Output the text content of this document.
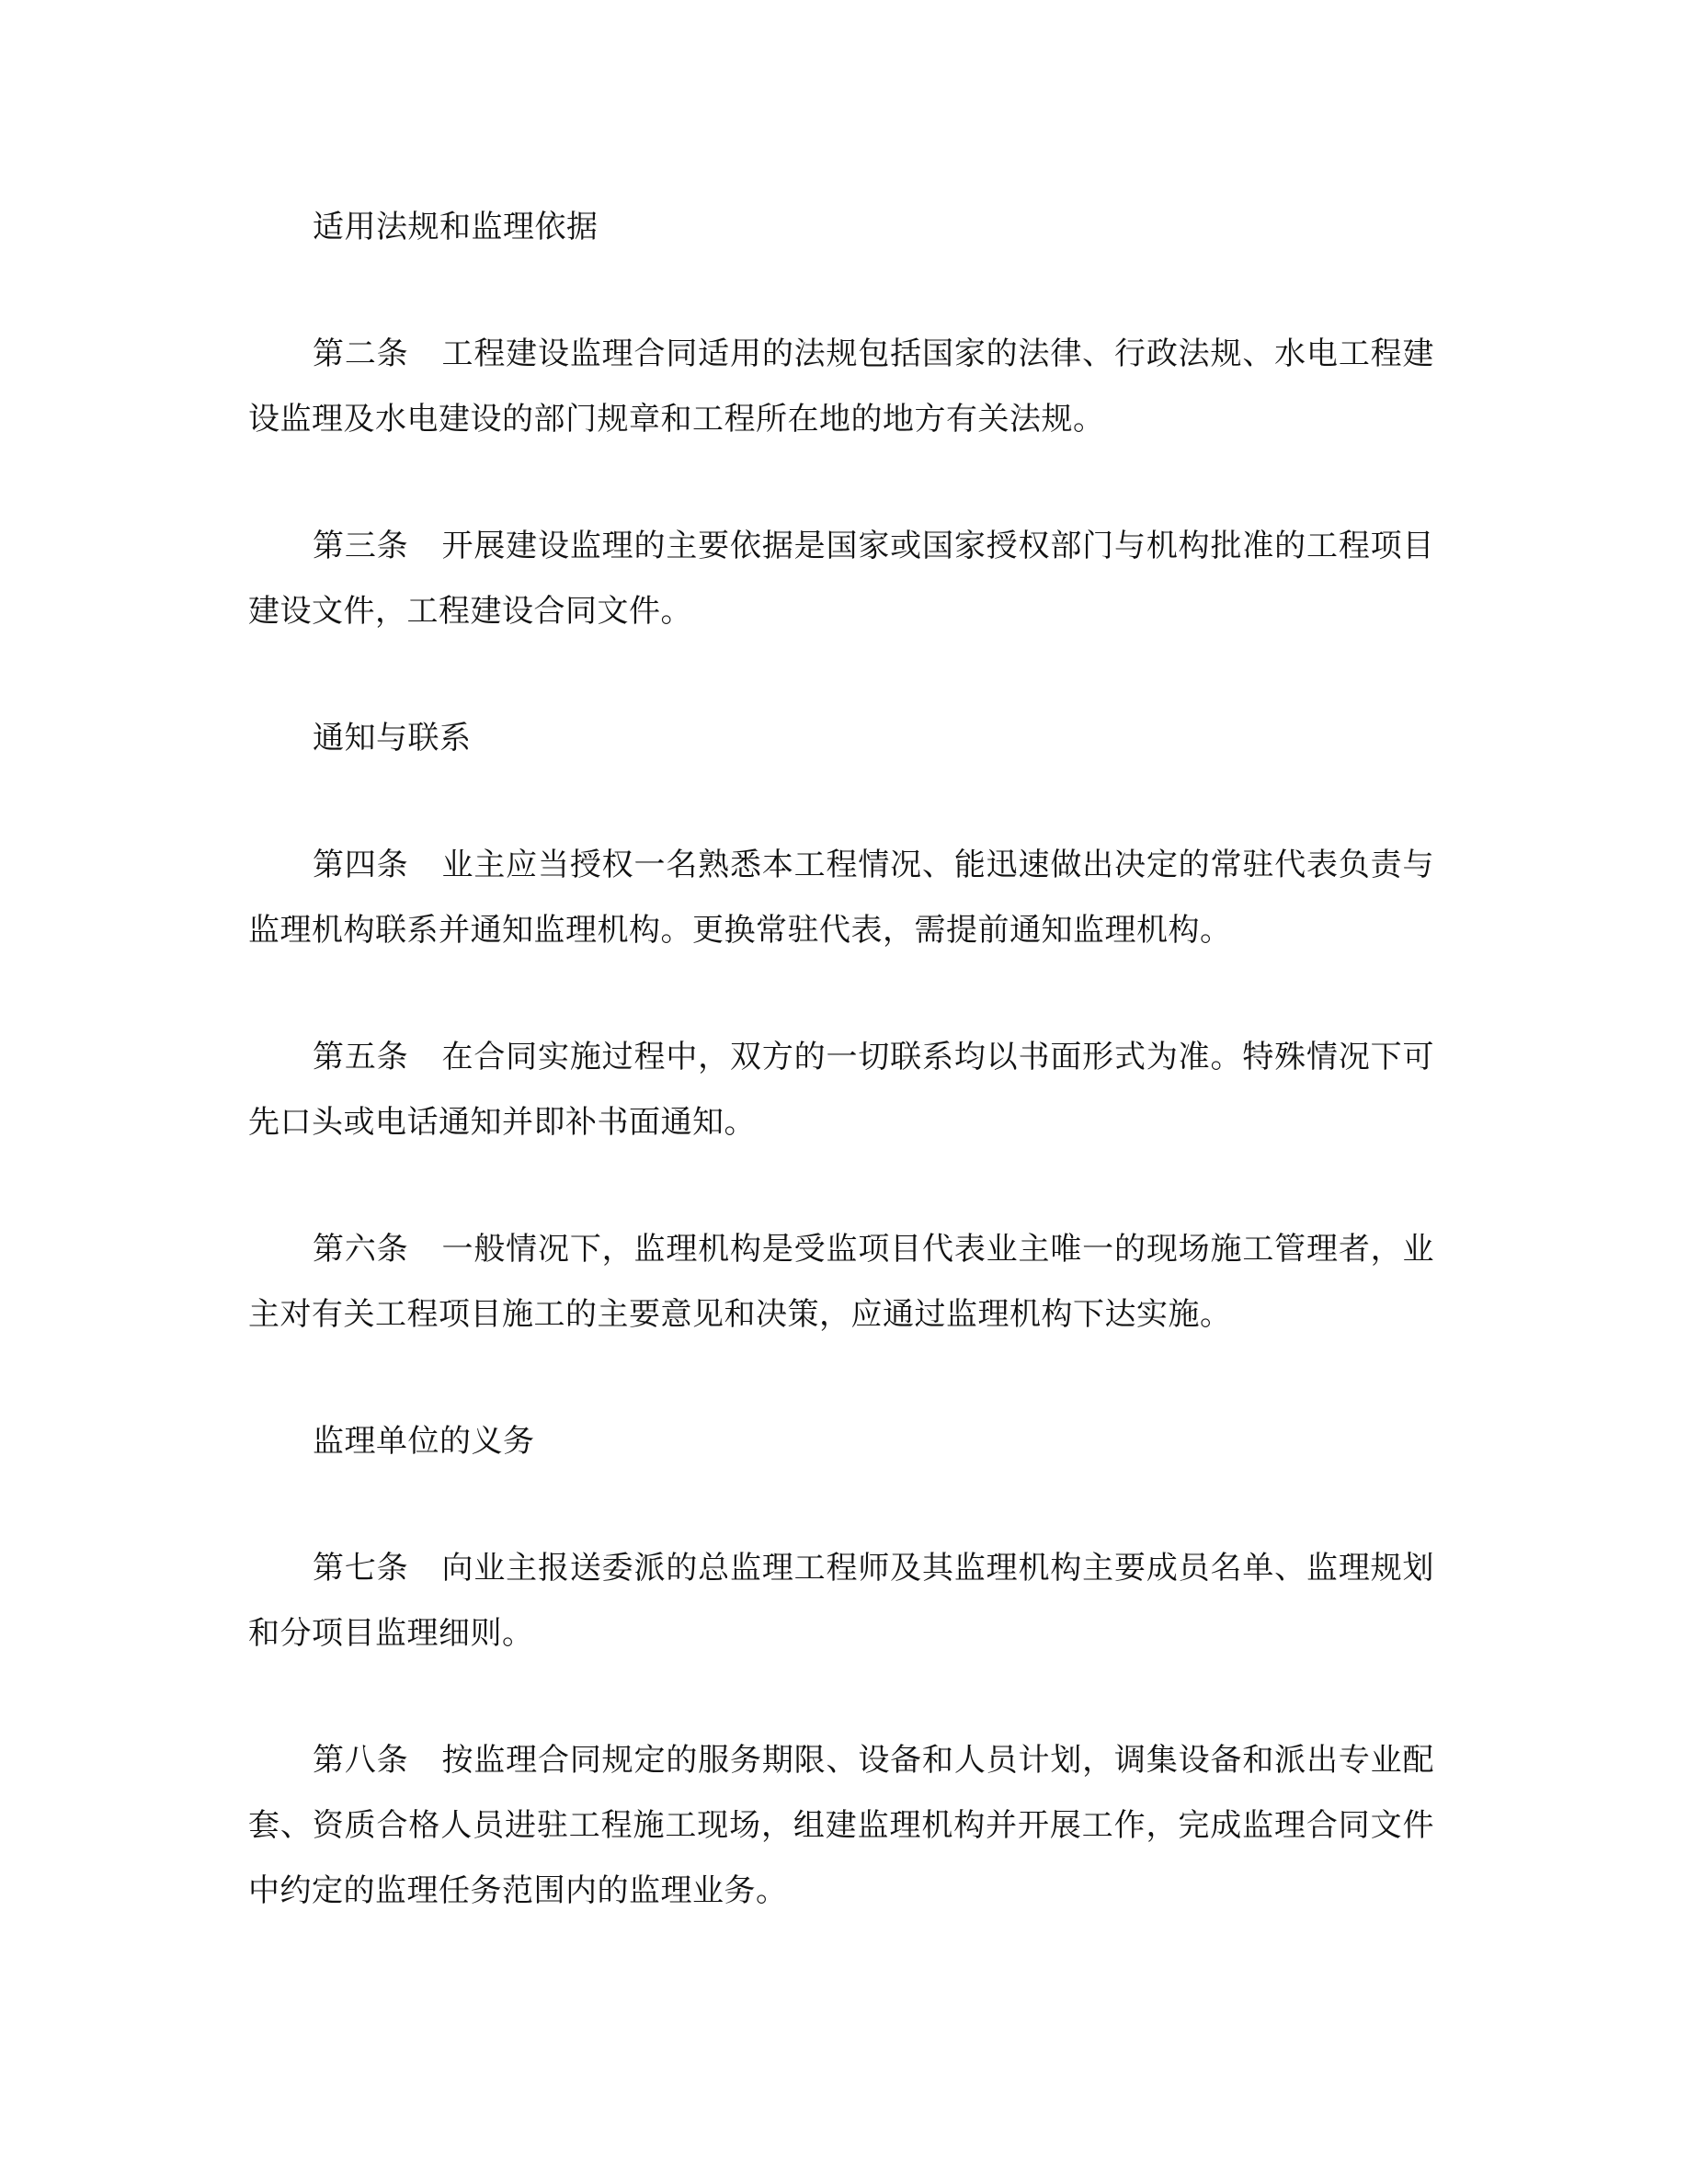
适用法规和监理依据

第二条 工程建设监理合同适用的法规包括国家的法律、行政法规、水电工程建设监理及水电建设的部门规章和工程所在地的地方有关法规。

第三条 开展建设监理的主要依据是国家或国家授权部门与机构批准的工程项目建设文件，工程建设合同文件。

通知与联系

第四条 业主应当授权一名熟悉本工程情况、能迅速做出决定的常驻代表负责与监理机构联系并通知监理机构。更换常驻代表，需提前通知监理机构。

第五条 在合同实施过程中，双方的一切联系均以书面形式为准。特殊情况下可先口头或电话通知并即补书面通知。

第六条 一般情况下，监理机构是受监项目代表业主唯一的现场施工管理者，业主对有关工程项目施工的主要意见和决策，应通过监理机构下达实施。

监理单位的义务

第七条 向业主报送委派的总监理工程师及其监理机构主要成员名单、监理规划和分项目监理细则。

第八条 按监理合同规定的服务期限、设备和人员计划，调集设备和派出专业配套、资质合格人员进驻工程施工现场，组建监理机构并开展工作，完成监理合同文件中约定的监理任务范围内的监理业务。
